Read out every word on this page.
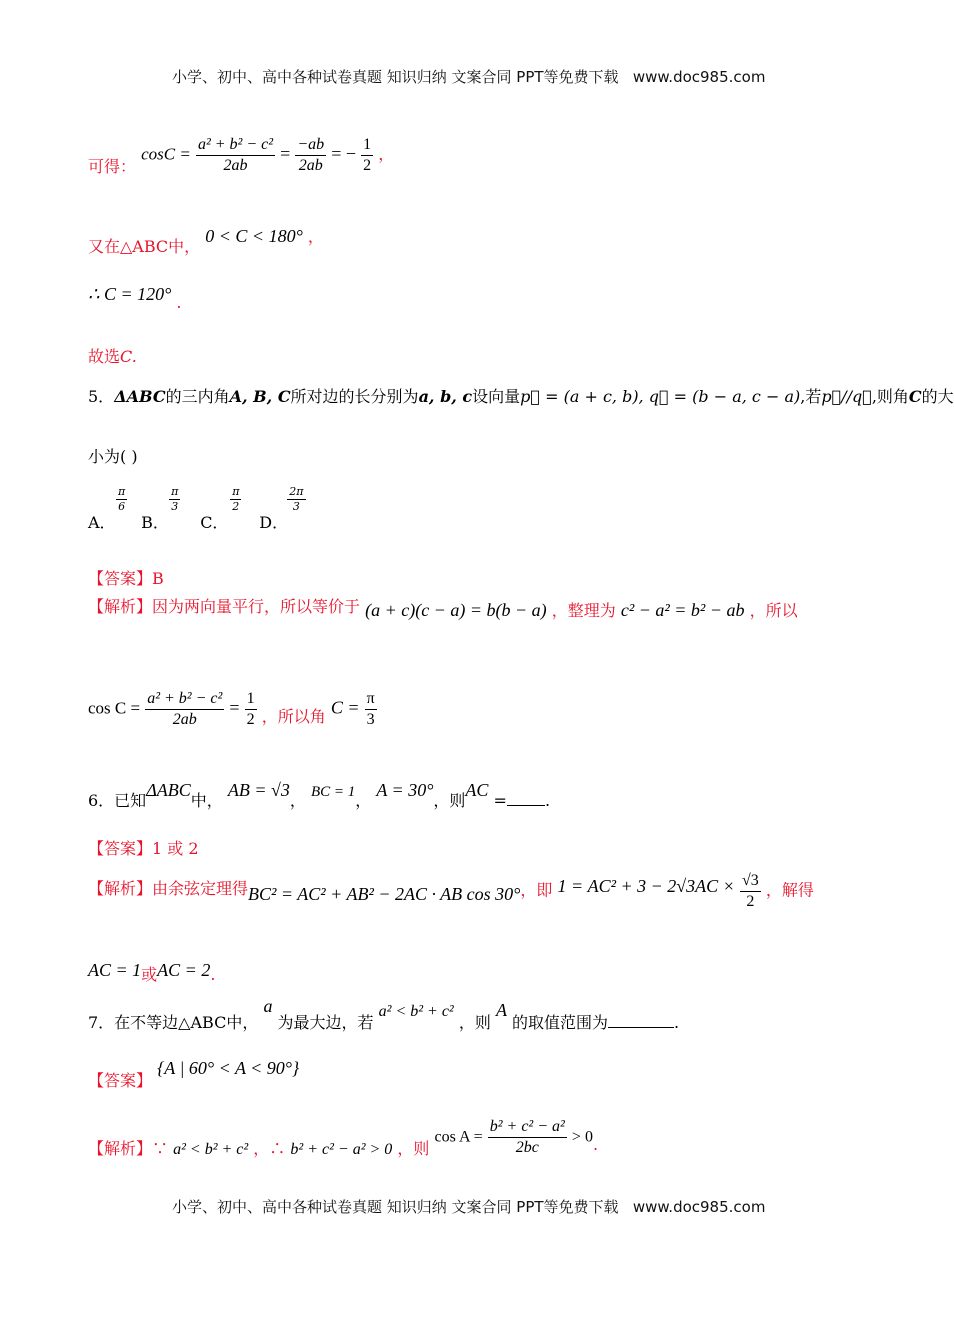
小学、初中、高中各种试卷真题 知识归纳 文案合同 PPT等免费下载 www.doc985.com
可得： $\cos C = \frac{\text{a² + b² − c²}}{2ab} = \frac{-ab}{2ab}$ = − $\frac{1}{2}$ ，
又在△ABC中， 0 < C < 180° ，
∴ C = 120° .
故选C.
5．ΔABC的三内角A, B, C所对边的长分别为a, b, c设向量p⃗ = (a + c, b), q⃗ = (b − a, c − a),若p⃗//q⃗,则角C的大
小为( )
A．
$\frac{\pi}{6}$
B．
$\frac{\pi}{3}$
C．
$\frac{\pi}{2}$
D．
$\frac{2\pi}{3}$
【答案】B
【解析】因为两向量平行，所以等价于 (a + c)(c − a) = b(b − a) ，整理为 c² − a² = b² − ab ，所以
$\cos C = \frac{\text{a² + b² − c²}}{2ab} = \frac{1}{2}$ ，所以角 $C = \frac{\pi}{3}$
6．已知ΔABC中， AB = √3， BC = 1， A = 30°，则AC = .
【答案】1 或 2
【解析】由余弦定理得BC² = AC² + AB² − 2AC · AB cos 30°，即 $1 = AC^2 + 3 - 2√3AC \times \frac{√3}{2}$ ，解得
AC = 1或AC = 2.
7．在不等边△ABC中， a 为最大边，若 a² < b² + c² ，则 A 的取值范围为	.
【答案】 {A | 60° < A < 90°}
【解析】∵ a² < b² + c² ，∴ b² + c² − a² > 0 ，则 $\cos A = \frac{\text{b² + c² − a²}}{2bc} > 0$.
小学、初中、高中各种试卷真题 知识归纳 文案合同 PPT等免费下载 www.doc985.com
